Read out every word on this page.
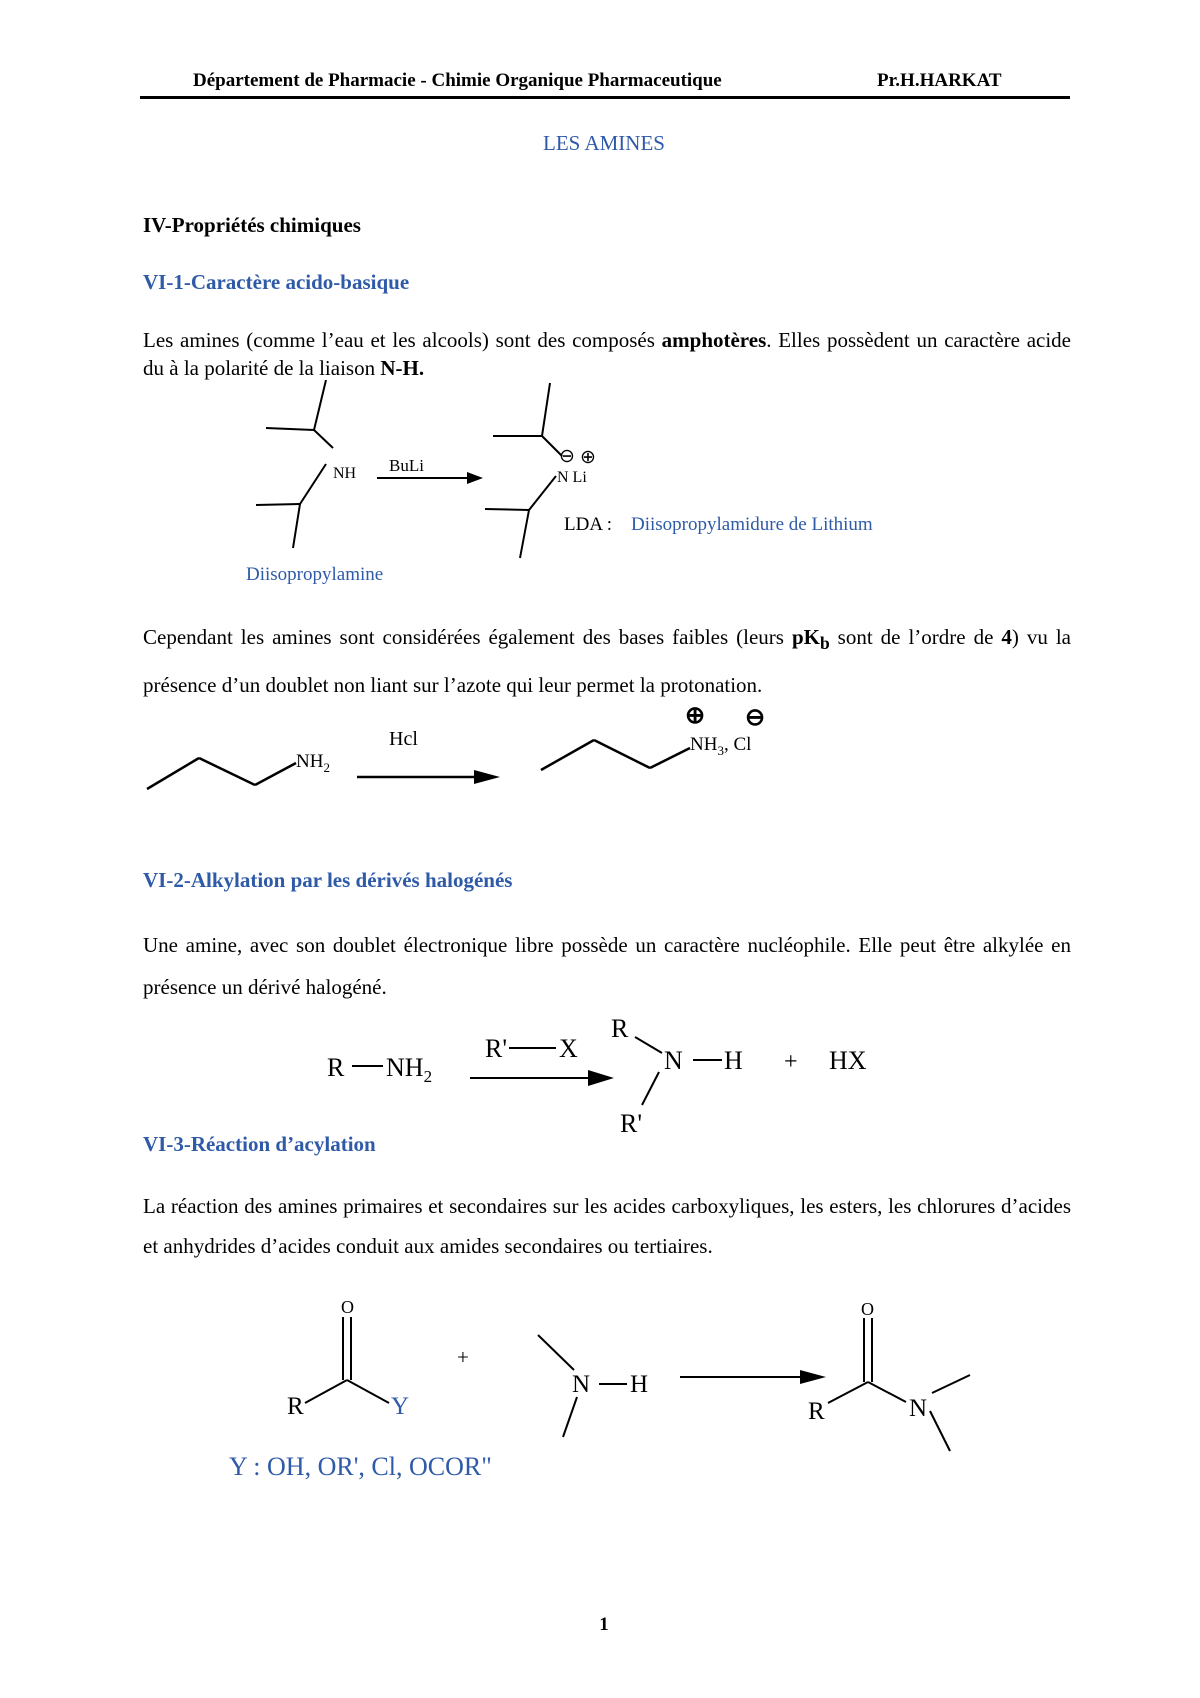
Département de Pharmacie - Chimie Organique Pharmaceutique	Pr.H.HARKAT
LES AMINES
IV-Propriétés chimiques
VI-1-Caractère acido-basique
Les amines (comme l’eau et les alcools) sont des composés amphotères. Elles possèdent un caractère acide du à la polarité de la liaison N-H.
NH BuLi	⊖ ⊕
N Li
LDA : Diisopropylamidure de Lithium
Diisopropylamine
Cependant les amines sont considérées également des bases faibles (leurs $pK_b$ sont de l’ordre de 4) vu la présence d’un doublet non liant sur l’azote qui leur permet la protonation.
$NH_2$
Hcl
⊕ ⊖
$NH_3$, Cl
VI-2-Alkylation par les dérivés halogénés
Une amine, avec son doublet électronique libre possède un caractère nucléophile. Elle peut être alkylée en présence un dérivé halogéné.
R $NH_2$
R' X
R
N H
R'
+ HX
VI-3-Réaction d’acylation
La réaction des amines primaires et secondaires sur les acides carboxyliques, les esters, les chlorures d’acides et anhydrides d’acides conduit aux amides secondaires ou tertiaires.
O
R	Y
+
N H
O
R	N
Y : OH, OR', Cl, OCOR"
1
